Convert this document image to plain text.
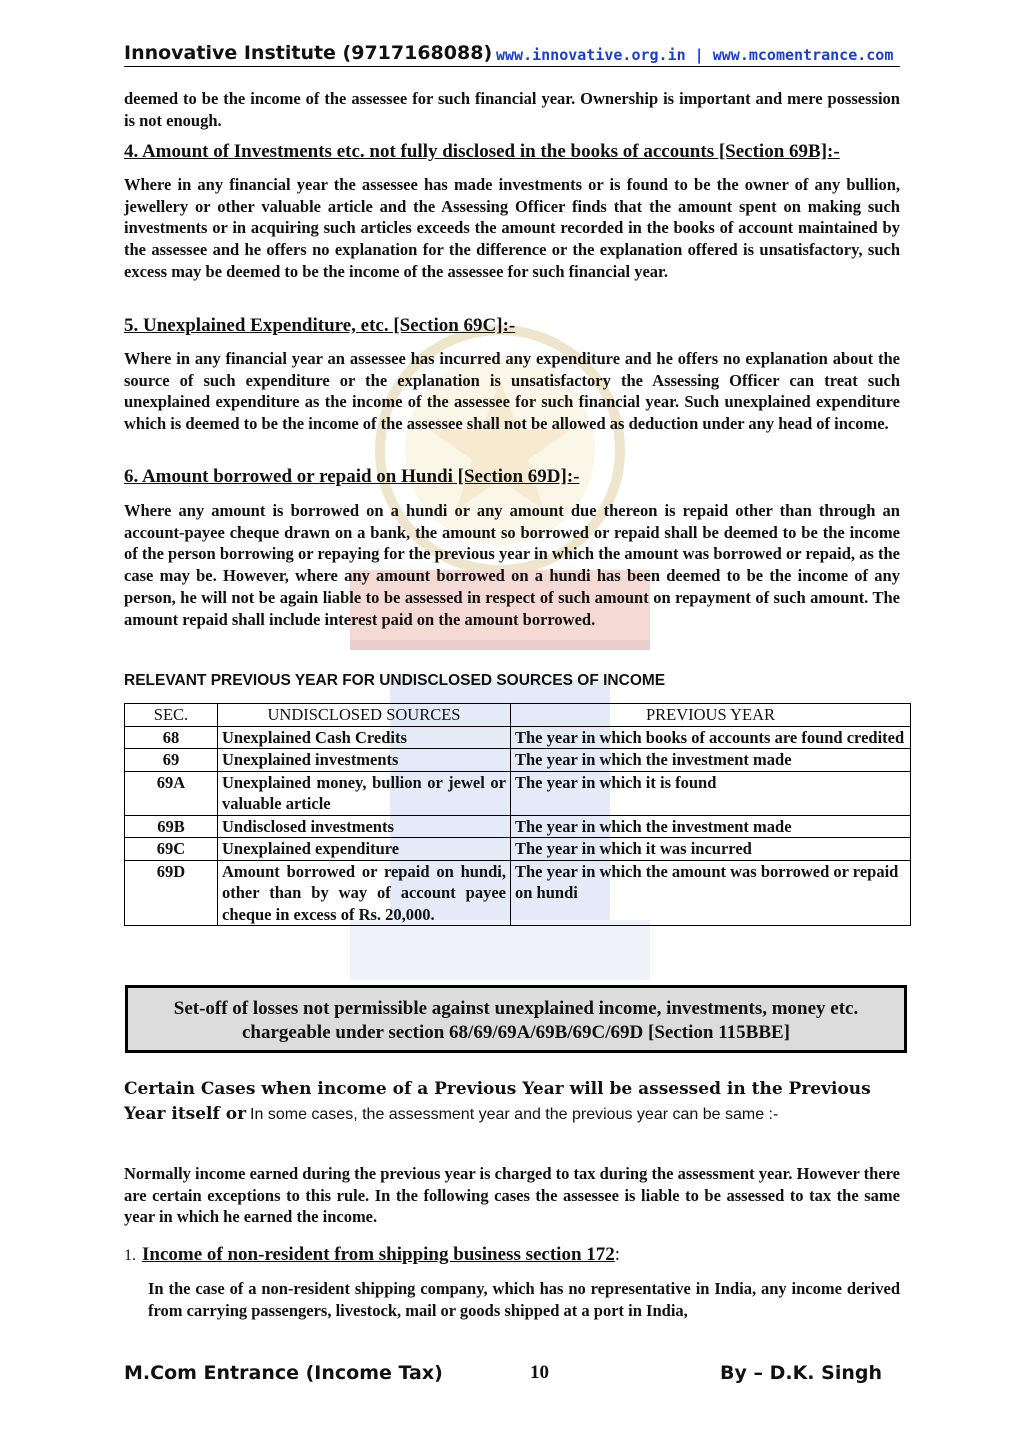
Innovative Institute (9717168088) www.innovative.org.in | www.mcomentrance.com

deemed to be the income of the assessee for such financial year. Ownership is important and mere possession is not enough.

4. Amount of Investments etc. not fully disclosed in the books of accounts [Section 69B]:-

Where in any financial year the assessee has made investments or is found to be the owner of any bullion, jewellery or other valuable article and the Assessing Officer finds that the amount spent on making such investments or in acquiring such articles exceeds the amount recorded in the books of account maintained by the assessee and he offers no explanation for the difference or the explanation offered is unsatisfactory, such excess may be deemed to be the income of the assessee for such financial year.

5. Unexplained Expenditure, etc. [Section 69C]:-

Where in any financial year an assessee has incurred any expenditure and he offers no explanation about the source of such expenditure or the explanation is unsatisfactory the Assessing Officer can treat such unexplained expenditure as the income of the assessee for such financial year. Such unexplained expenditure which is deemed to be the income of the assessee shall not be allowed as deduction under any head of income.

6. Amount borrowed or repaid on Hundi [Section 69D]:-

Where any amount is borrowed on a hundi or any amount due thereon is repaid other than through an account-payee cheque drawn on a bank, the amount so borrowed or repaid shall be deemed to be the income of the person borrowing or repaying for the previous year in which the amount was borrowed or repaid, as the case may be. However, where any amount borrowed on a hundi has been deemed to be the income of any person, he will not be again liable to be assessed in respect of such amount on repayment of such amount. The amount repaid shall include interest paid on the amount borrowed.

RELEVANT PREVIOUS YEAR FOR UNDISCLOSED SOURCES OF INCOME
SEC.	UNDISCLOSED SOURCES	PREVIOUS YEAR
68	Unexplained Cash Credits	The year in which books of accounts are found credited
69	Unexplained investments	The year in which the investment made
69A	Unexplained money, bullion or jewel or valuable article	The year in which it is found
69B	Undisclosed investments	The year in which the investment made
69C	Unexplained expenditure	The year in which it was incurred
69D	Amount borrowed or repaid on hundi, other than by way of account payee cheque in excess of Rs. 20,000.	The year in which the amount was borrowed or repaid on hundi
Set-off of losses not permissible against unexplained income, investments, money etc.
chargeable under section 68/69/69A/69B/69C/69D [Section 115BBE]

Certain Cases when income of a Previous Year will be assessed in the Previous Year itself or In some cases, the assessment year and the previous year can be same :-

Normally income earned during the previous year is charged to tax during the assessment year. However there are certain exceptions to this rule. In the following cases the assessee is liable to be assessed to tax the same year in which he earned the income.

1. Income of non-resident from shipping business section 172:

In the case of a non-resident shipping company, which has no representative in India, any income derived from carrying passengers, livestock, mail or goods shipped at a port in India,

M.Com Entrance (Income Tax)	10	By – D.K. Singh
